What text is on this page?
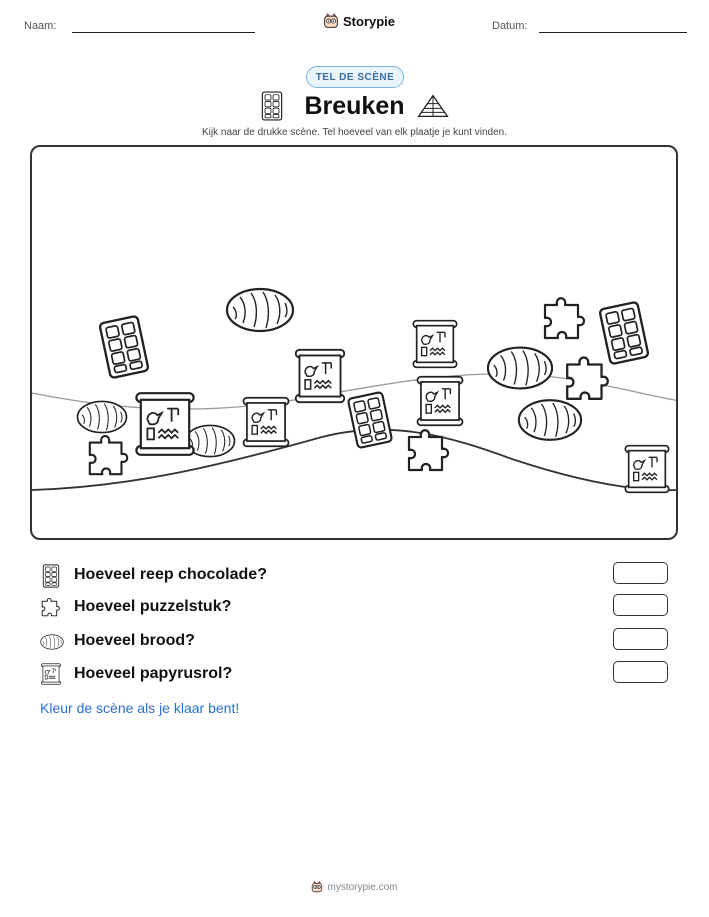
Naam:	Storypie	Datum:
TEL DE SCÈNE
Breuken
Kijk naar de drukke scène. Tel hoeveel van elk plaatje je kunt vinden.
Hoeveel reep chocolade?
Hoeveel puzzelstuk?
Hoeveel brood?
Hoeveel papyrusrol?
Kleur de scène als je klaar bent!
mystorypie.com
